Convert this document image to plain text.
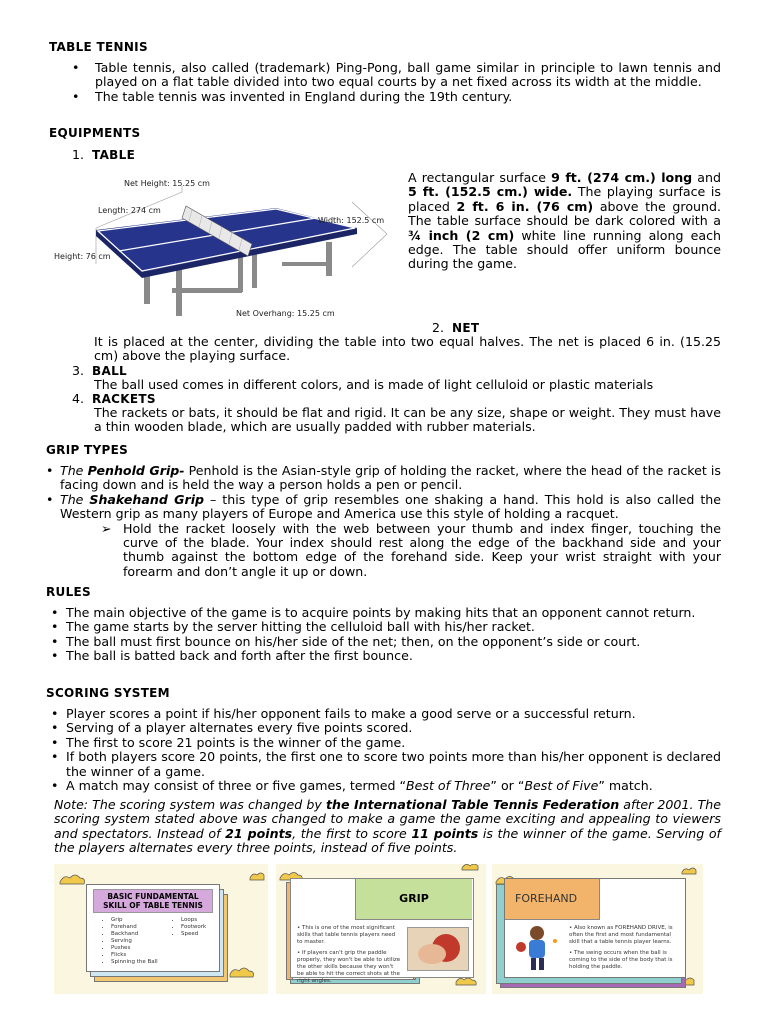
TABLE TENNIS
• Table tennis, also called (trademark) Ping-Pong, ball game similar in principle to lawn tennis and played on a flat table divided into two equal courts by a net fixed across its width at the middle.
• The table tennis was invented in England during the 19th century.
EQUIPMENTS
1.  TABLE
Net Height: 15.25 cm
Length: 274 cm
Width: 152.5 cm
Height: 76 cm
Net Overhang: 15.25 cm
A rectangular surface 9 ft. (274 cm.) long and 5 ft. (152.5 cm.) wide. The playing surface is placed 2 ft. 6 in. (76 cm) above the ground. The table surface should be dark colored with a ¾ inch (2 cm) white line running along each edge. The table should offer uniform bounce during the game.
2.  NET
It is placed at the center, dividing the table into two equal halves. The net is placed 6 in. (15.25 cm) above the playing surface.
3.  BALL
The ball used comes in different colors, and is made of light celluloid or plastic materials
4.  RACKETS
The rackets or bats, it should be flat and rigid. It can be any size, shape or weight. They must have a thin wooden blade, which are usually padded with rubber materials.
GRIP TYPES
• The Penhold Grip- Penhold is the Asian-style grip of holding the racket, where the head of the racket is facing down and is held the way a person holds a pen or pencil.
• The Shakehand Grip – this type of grip resembles one shaking a hand. This hold is also called the Western grip as many players of Europe and America use this style of holding a racquet.
➢ Hold the racket loosely with the web between your thumb and index finger, touching the curve of the blade. Your index should rest along the edge of the backhand side and your thumb against the bottom edge of the forehand side. Keep your wrist straight with your forearm and don’t angle it up or down.
RULES
• The main objective of the game is to acquire points by making hits that an opponent cannot return.
• The game starts by the server hitting the celluloid ball with his/her racket.
• The ball must first bounce on his/her side of the net; then, on the opponent’s side or court.
• The ball is batted back and forth after the first bounce.
SCORING SYSTEM
• Player scores a point if his/her opponent fails to make a good serve or a successful return.
• Serving of a player alternates every five points scored.
• The first to score 21 points is the winner of the game.
• If both players score 20 points, the first one to score two points more than his/her opponent is declared the winner of a game.
• A match may consist of three or five games, termed “Best of Three” or “Best of Five” match.
Note: The scoring system was changed by the International Table Tennis Federation after 2001. The scoring system stated above was changed to make a game the game exciting and appealing to viewers and spectators. Instead of 21 points, the first to score 11 points is the winner of the game. Serving of the players alternates every three points, instead of five points.
BASIC FUNDAMENTAL SKILL OF TABLE TENNIS
• Grip
• Forehand
• Backhand
• Serving
• Pushes
• Flicks
• Spinning the Ball
• Loops
• Footwork
• Speed
GRIP
• This is one of the most significant skills that table tennis players need to master.
• If players can't grip the paddle properly, they won't be able to utilize the other skills because they won't be able to hit the correct shots at the right angles.
FOREHAND
• Also known as FOREHAND DRIVE, is often the first and most fundamental skill that a table tennis player learns.
• The swing occurs when the ball is coming to the side of the body that is holding the paddle.
